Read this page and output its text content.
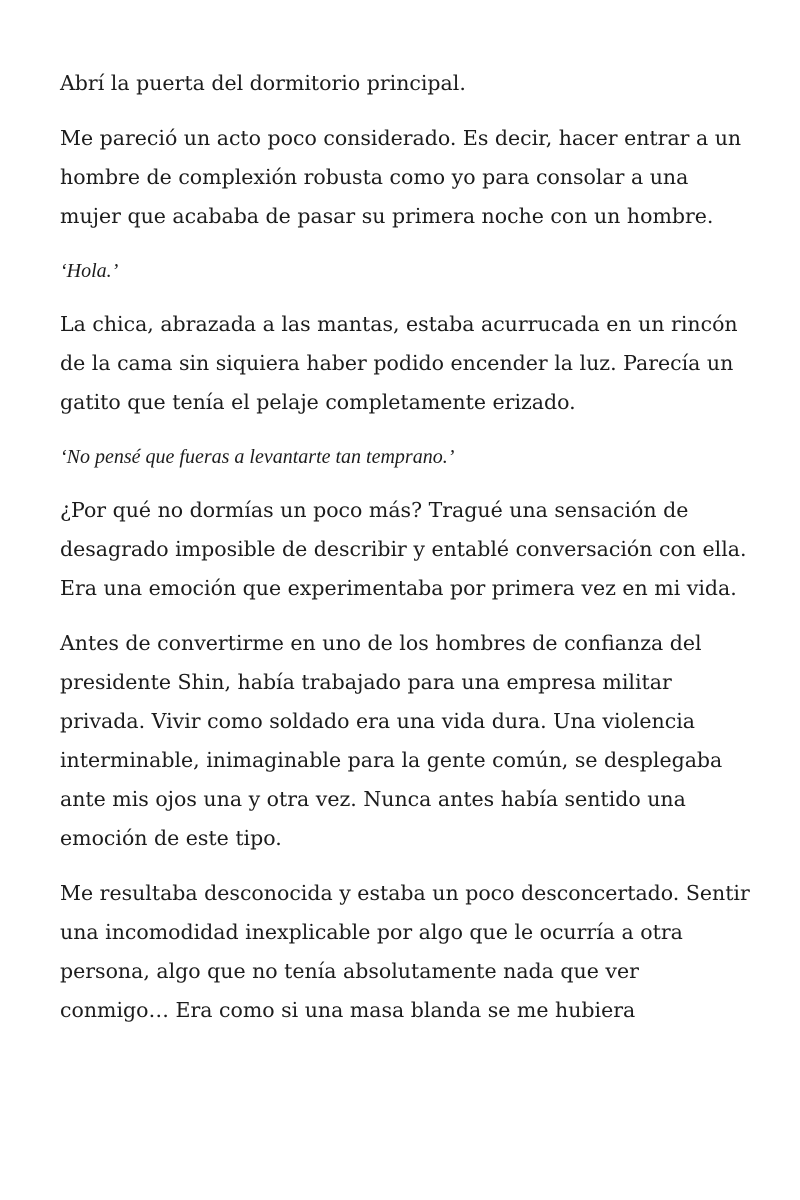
Abrí la puerta del dormitorio principal.

Me pareció un acto poco considerado. Es decir, hacer entrar a un hombre de complexión robusta como yo para consolar a una mujer que acababa de pasar su primera noche con un hombre.

‘Hola.’

La chica, abrazada a las mantas, estaba acurrucada en un rincón de la cama sin siquiera haber podido encender la luz. Parecía un gatito que tenía el pelaje completamente erizado.

‘No pensé que fueras a levantarte tan temprano.’

¿Por qué no dormías un poco más? Tragué una sensación de desagrado imposible de describir y entablé conversación con ella. Era una emoción que experimentaba por primera vez en mi vida.

Antes de convertirme en uno de los hombres de confianza del presidente Shin, había trabajado para una empresa militar privada. Vivir como soldado era una vida dura. Una violencia interminable, inimaginable para la gente común, se desplegaba ante mis ojos una y otra vez. Nunca antes había sentido una emoción de este tipo.

Me resultaba desconocida y estaba un poco desconcertado. Sentir una incomodidad inexplicable por algo que le ocurría a otra persona, algo que no tenía absolutamente nada que ver conmigo… Era como si una masa blanda se me hubiera
